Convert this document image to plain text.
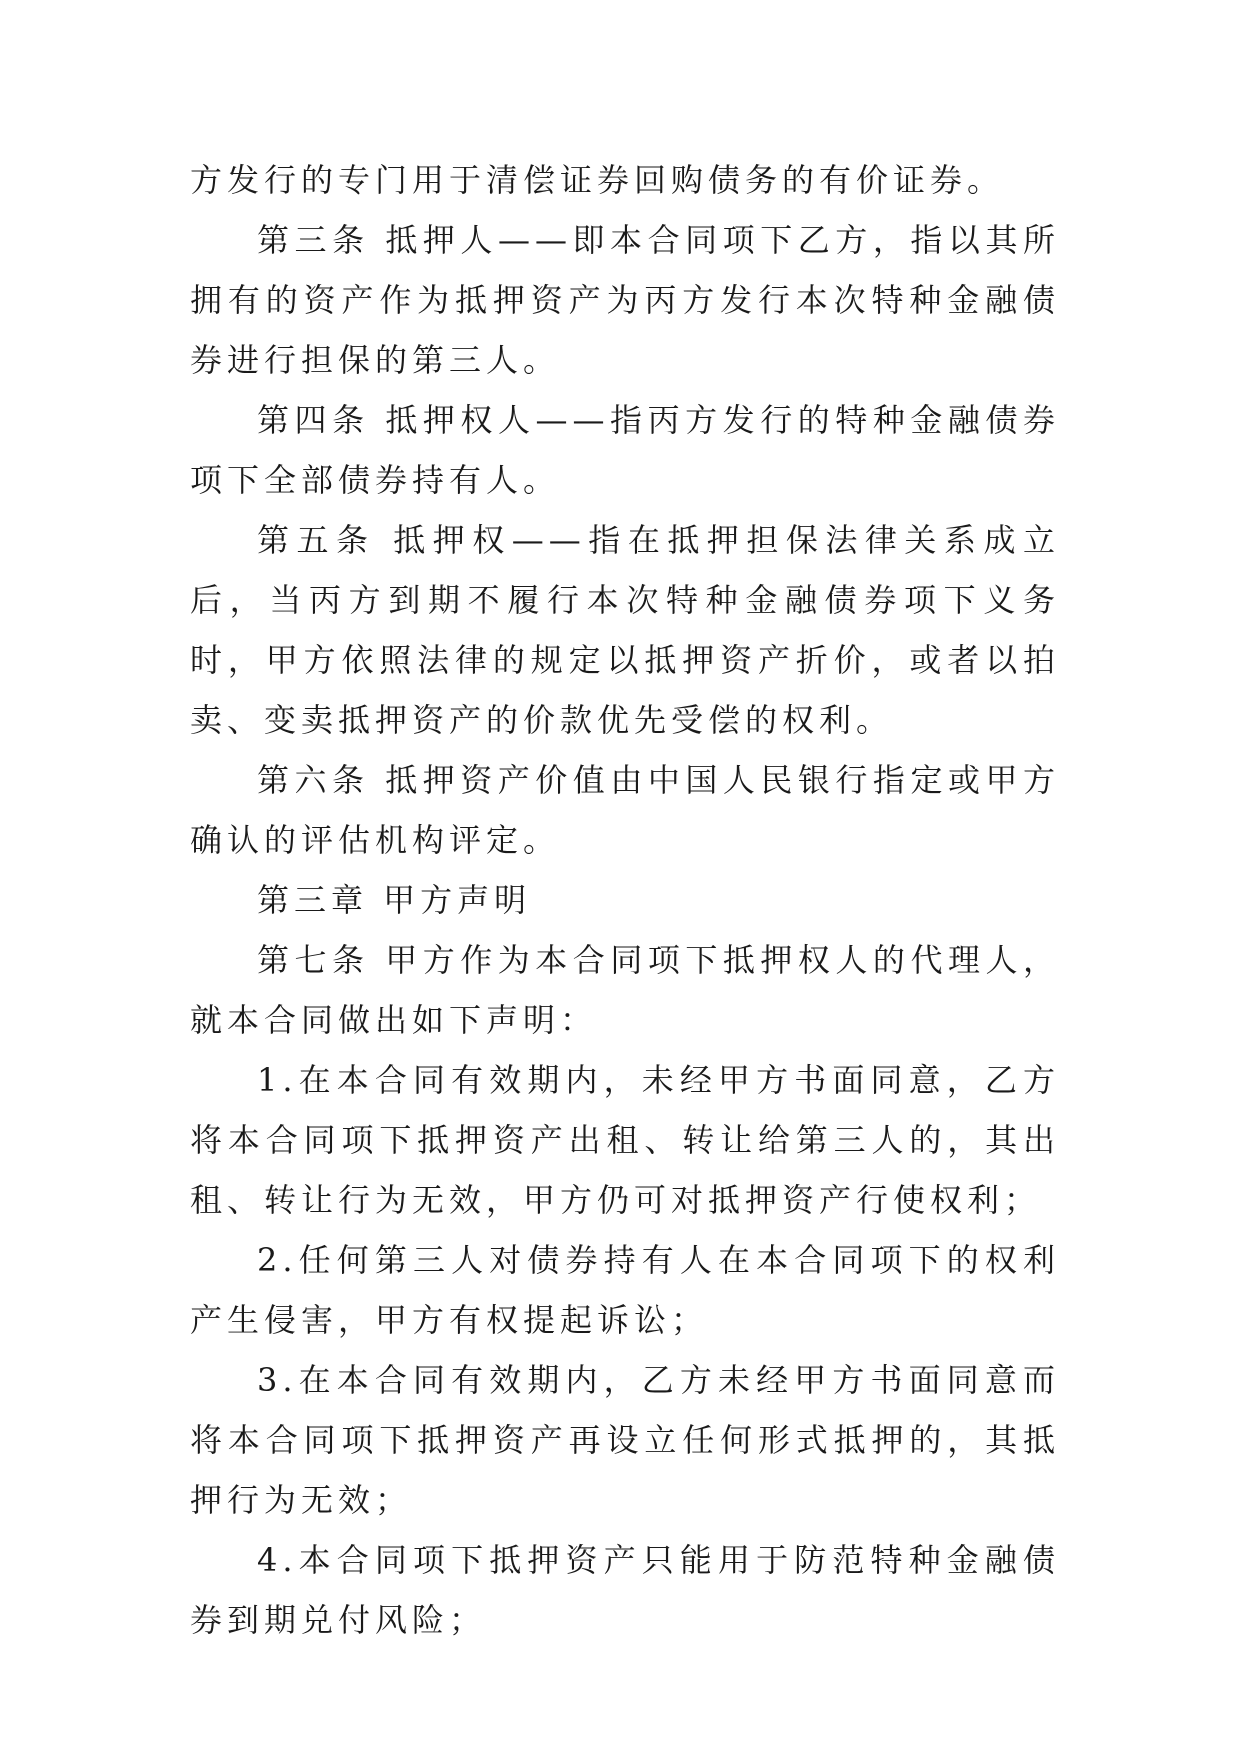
方发行的专门用于清偿证券回购债务的有价证券。

第三条 抵押人——即本合同项下乙方，指以其所拥有的资产作为抵押资产为丙方发行本次特种金融债券进行担保的第三人。

第四条 抵押权人——指丙方发行的特种金融债券项下全部债券持有人。

第五条 抵押权——指在抵押担保法律关系成立后，当丙方到期不履行本次特种金融债券项下义务时，甲方依照法律的规定以抵押资产折价，或者以拍卖、变卖抵押资产的价款优先受偿的权利。

第六条 抵押资产价值由中国人民银行指定或甲方确认的评估机构评定。

第三章 甲方声明

第七条 甲方作为本合同项下抵押权人的代理人，就本合同做出如下声明：

1.在本合同有效期内，未经甲方书面同意，乙方将本合同项下抵押资产出租、转让给第三人的，其出租、转让行为无效，甲方仍可对抵押资产行使权利；

2.任何第三人对债券持有人在本合同项下的权利产生侵害，甲方有权提起诉讼；

3.在本合同有效期内，乙方未经甲方书面同意而将本合同项下抵押资产再设立任何形式抵押的，其抵押行为无效；

4.本合同项下抵押资产只能用于防范特种金融债券到期兑付风险；
